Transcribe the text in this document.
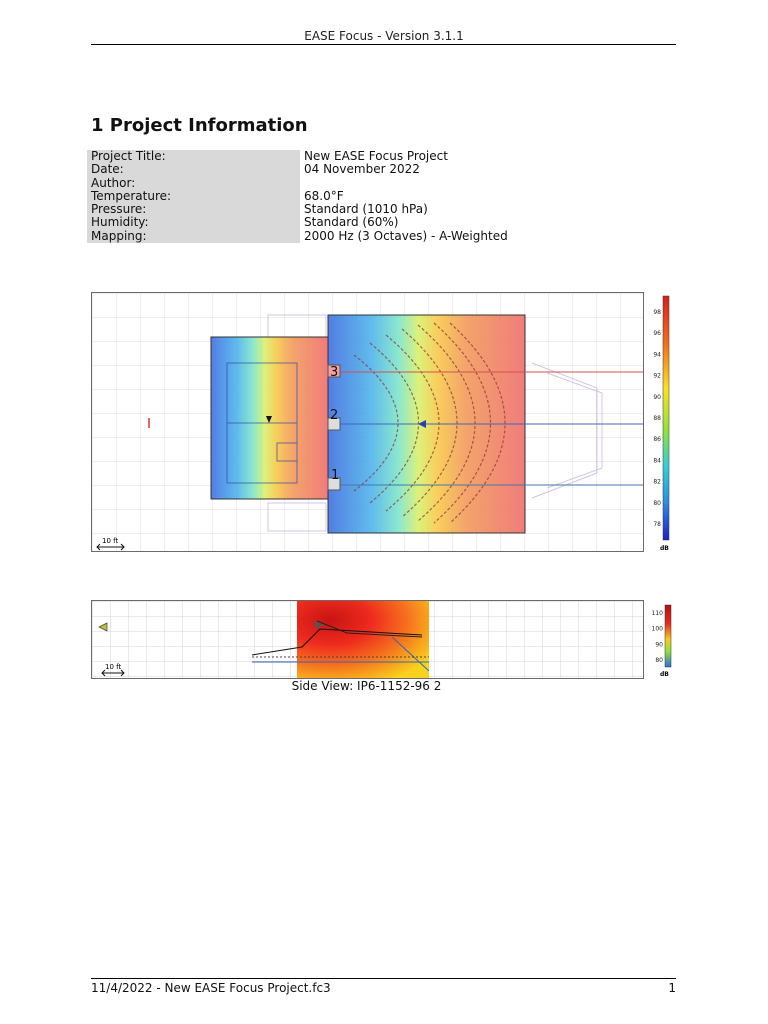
EASE Focus - Version 3.1.1
1 Project Information
Project Title:	New EASE Focus Project
Date:	04 November 2022
Author:	
Temperature:	68.0°F
Pressure:	Standard (1010 hPa)
Humidity:	Standard (60%)
Mapping:	2000 Hz (3 Octaves) - A-Weighted
3
2
1
10 ft
98
96
94
92
90
88
86
84
82
80
78
dB
10 ft
110
100
90
80
dB
Side View: IP6-1152-96 2
11/4/2022 - New EASE Focus Project.fc3	1
